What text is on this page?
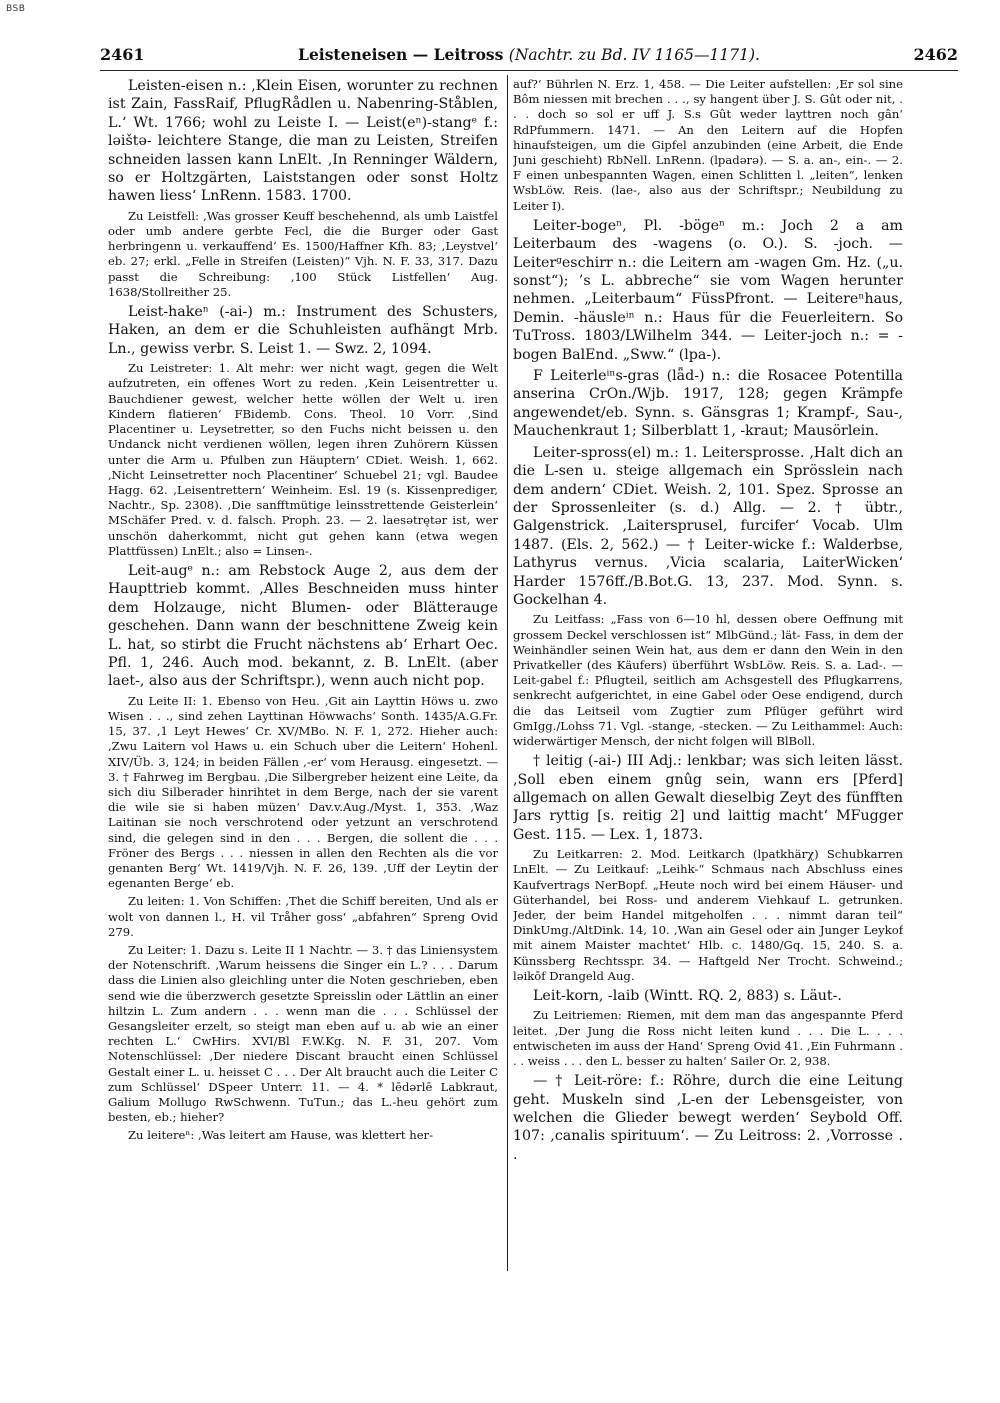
BSB
2461	Leisteneisen — Leitross (Nachtr. zu Bd. IV 1165—1171).	2462

Leisten-eisen n.: ,Klein Eisen, worunter zu rechnen ist Zain, FassRaif, PflugRådlen u. Nabenring-Ståblen, L.‘ Wt. 1766; wohl zu Leiste I. — Leist(eⁿ)-stangᵉ f.: ləištə- leichtere Stange, die man zu Leisten, Streifen schneiden lassen kann LnElt. ,In Renninger Wäldern, so er Holtzgärten, Laiststangen oder sonst Holtz hawen liess‘ LnRenn. 1583. 1700.

Zu Leistfell: ,Was grosser Keuff beschehennd, als umb Laistfel oder umb andere gerbte Fecl, die die Burger oder Gast herbringenn u. verkauffend‘ Es. 1500/Haffner Kfh. 83; ,Leystvel‘ eb. 27; erkl. „Felle in Streifen (Leisten)“ Vjh. N. F. 33, 317. Dazu passt die Schreibung: ,100 Stück Listfellen‘ Aug. 1638/Stollreither 25.

Leist-hakeⁿ (-ai-) m.: Instrument des Schusters, Haken, an dem er die Schuhleisten aufhängt Mrb. Ln., gewiss verbr. S. Leist 1. — Swz. 2, 1094.

Zu Leistreter: 1. Alt mehr: wer nicht wagt, gegen die Welt aufzutreten, ein offenes Wort zu reden. ,Kein Leisentretter u. Bauchdiener gewest, welcher hette wöllen der Welt u. iren Kindern flatieren‘ FBidemb. Cons. Theol. 10 Vorr. ,Sind Placentiner u. Leysetretter, so den Fuchs nicht beissen u. den Undanck nicht verdienen wöllen, legen ihren Zuhörern Küssen unter die Arm u. Pfulben zun Häuptern‘ CDiet. Weish. 1, 662. ,Nicht Leinsetretter noch Placentiner‘ Schuebel 21; vgl. Baudee Hagg. 62. ,Leisentrettern‘ Weinheim. Esl. 19 (s. Kissenprediger, Nachtr., Sp. 2308). ,Die sanfftmütige leinsstrettende Geisterlein‘ MSchäfer Pred. v. d. falsch. Proph. 23. — 2. laesətrętər ist, wer unschön daherkommt, nicht gut gehen kann (etwa wegen Plattfüssen) LnElt.; also = Linsen-.

Leit-augᵉ n.: am Rebstock Auge 2, aus dem der Haupttrieb kommt. ,Alles Beschneiden muss hinter dem Holzauge, nicht Blumen- oder Blätterauge geschehen. Dann wann der beschnittene Zweig kein L. hat, so stirbt die Frucht nächstens ab‘ Erhart Oec. Pfl. 1, 246. Auch mod. bekannt, z. B. LnElt. (aber laet-, also aus der Schriftspr.), wenn auch nicht pop.

Zu Leite II: 1. Ebenso von Heu. ,Git ain Layttin Höws u. zwo Wisen . . ., sind zehen Layttinan Höwwachs‘ Sonth. 1435/A.G.Fr. 15, 37. ,1 Leyt Hewes‘ Cr. XV/MBo. N. F. 1, 272. Hieher auch: ,Zwu Laitern vol Haws u. ein Schuch uber die Leitern‘ Hohenl. XIV/Üb. 3, 124; in beiden Fällen ,-er‘ vom Herausg. eingesetzt. — 3. † Fahrweg im Bergbau. ,Die Silbergreber heizent eine Leite, da sich diu Silberader hinrihtet in dem Berge, nach der sie varent die wile sie si haben müzen‘ Dav.v.Aug./Myst. 1, 353. ,Waz Laitinan sie noch verschrotend oder yetzunt an verschrotend sind, die gelegen sind in den . . . Bergen, die sollent die . . . Fröner des Bergs . . . niessen in allen den Rechten als die vor genanten Berg‘ Wt. 1419/Vjh. N. F. 26, 139. ,Uff der Leytin der egenanten Berge‘ eb.

Zu leiten: 1. Von Schiffen: ,Thet die Schiff bereiten, Und als er wolt von dannen l., H. vil Tråher goss‘ „abfahren“ Spreng Ovid 279.

Zu Leiter: 1. Dazu s. Leite II 1 Nachtr. — 3. † das Liniensystem der Notenschrift. ,Warum heissens die Singer ein L.? . . . Darum dass die Linien also gleichling unter die Noten geschrieben, eben send wie die überzwerch gesetzte Spreisslin oder Lättlin an einer hiltzin L. Zum andern . . . wenn man die . . . Schlüssel der Gesangsleiter erzelt, so steigt man eben auf u. ab wie an einer rechten L.‘ CwHirs. XVI/Bl F.W.Kg. N. F. 31, 207. Vom Notenschlüssel: ,Der niedere Discant braucht einen Schlüssel Gestalt einer L. u. heisset C . . . Der Alt braucht auch die Leiter C zum Schlüssel‘ DSpeer Unterr. 11. — 4. * lēdərlē Labkraut, Galium Mollugo RwSchwenn. TuTun.; das L.-heu gehört zum besten, eb.; hieher?

Zu leitereⁿ: ,Was leitert am Hause, was klettert her-

auf?‘ Bührlen N. Erz. 1, 458. — Die Leiter aufstellen: ,Er sol sine Bôm niessen mit brechen . . ., sy hangent über J. S. Gût oder nit, . . . doch so sol er uff J. S.s Gût weder layttren noch gân‘ RdPfummern. 1471. — An den Leitern auf die Hopfen hinaufsteigen, um die Gipfel anzubinden (eine Arbeit, die Ende Juni geschieht) RbNell. LnRenn. (lpadərə). — S. a. an-, ein-. — 2. F einen unbespannten Wagen, einen Schlitten l. „leiten“, lenken WsbLöw. Reis. (lae-, also aus der Schriftspr.; Neubildung zu Leiter I).

Leiter-bogeⁿ, Pl. -bögeⁿ m.: Joch 2 a am Leiterbaum des -wagens (o. O.). S. -joch. — Leiterᵍeschirr n.: die Leitern am -wagen Gm. Hz. („u. sonst“); ’s L. abbreche“ sie vom Wagen herunter nehmen. „Leiterbaum“ FüssPfront. — Leitereⁿhaus, Demin. -häusleⁱⁿ n.: Haus für die Feuerleitern. So TuTross. 1803/LWilhelm 344. — Leiter-joch n.: = -bogen BalEnd. „Sww.“ (lpa-).

F Leiterleⁱⁿs-gras (lǟd-) n.: die Rosacee Potentilla anserina CrOn./Wjb. 1917, 128; gegen Krämpfe angewendet/eb. Synn. s. Gänsgras 1; Krampf-, Sau-, Mauchenkraut 1; Silberblatt 1, -kraut; Mausörlein.

Leiter-spross(el) m.: 1. Leitersprosse. ,Halt dich an die L-sen u. steige allgemach ein Sprösslein nach dem andern‘ CDiet. Weish. 2, 101. Spez. Sprosse an der Sprossenleiter (s. d.) Allg. — 2. † übtr., Galgenstrick. ,Laitersprusel, furcifer‘ Vocab. Ulm 1487. (Els. 2, 562.) — † Leiter-wicke f.: Walderbse, Lathyrus vernus. ,Vicia scalaria, LaiterWicken‘ Harder 1576ff./B.Bot.G. 13, 237. Mod. Synn. s. Gockelhan 4.

Zu Leitfass: „Fass von 6—10 hl, dessen obere Oeffnung mit grossem Deckel verschlossen ist“ MlbGünd.; lät- Fass, in dem der Weinhändler seinen Wein hat, aus dem er dann den Wein in den Privatkeller (des Käufers) überführt WsbLöw. Reis. S. a. Lad-. — Leit-gabel f.: Pflugteil, seitlich am Achsgestell des Pflugkarrens, senkrecht aufgerichtet, in eine Gabel oder Oese endigend, durch die das Leitseil vom Zugtier zum Pflüger geführt wird GmIgg./Lohss 71. Vgl. -stange, -stecken. — Zu Leithammel: Auch: widerwärtiger Mensch, der nicht folgen will BlBoll.

† leitig (-ai-) III Adj.: lenkbar; was sich leiten lässt. ,Soll eben einem gnûg sein, wann ers [Pferd] allgemach on allen Gewalt dieselbig Zeyt des fünfften Jars ryttig [s. reitig 2] und laittig macht‘ MFugger Gest. 115. — Lex. 1, 1873.

Zu Leitkarren: 2. Mod. Leitkarch (lpatkhärχ) Schubkarren LnElt. — Zu Leitkauf: „Leihk-“ Schmaus nach Abschluss eines Kaufvertrags NerBopf. „Heute noch wird bei einem Häuser- und Güterhandel, bei Ross- und anderem Viehkauf L. getrunken. Jeder, der beim Handel mitgeholfen . . . nimmt daran teil“ DinkUmg./AltDink. 14, 10. ,Wan ain Gesel oder ain Junger Leykof mit ainem Maister machtet‘ Hlb. c. 1480/Gq. 15, 240. S. a. Künssberg Rechtsspr. 34. — Haftgeld Ner Trocht. Schweind.; ləikōf Drangeld Aug.

Leit-korn, -laib (Wintt. RQ. 2, 883) s. Läut-.

Zu Leitriemen: Riemen, mit dem man das angespannte Pferd leitet. ,Der Jung die Ross nicht leiten kund . . . Die L. . . . entwischeten im auss der Hand‘ Spreng Ovid 41. ,Ein Fuhrmann . . . weiss . . . den L. besser zu halten‘ Sailer Or. 2, 938.

— † Leit-röre: f.: Röhre, durch die eine Leitung geht. Muskeln sind ,L-en der Lebensgeister, von welchen die Glieder bewegt werden‘ Seybold Off. 107: ,canalis spirituum‘. — Zu Leitross: 2. ,Vorrosse . .
